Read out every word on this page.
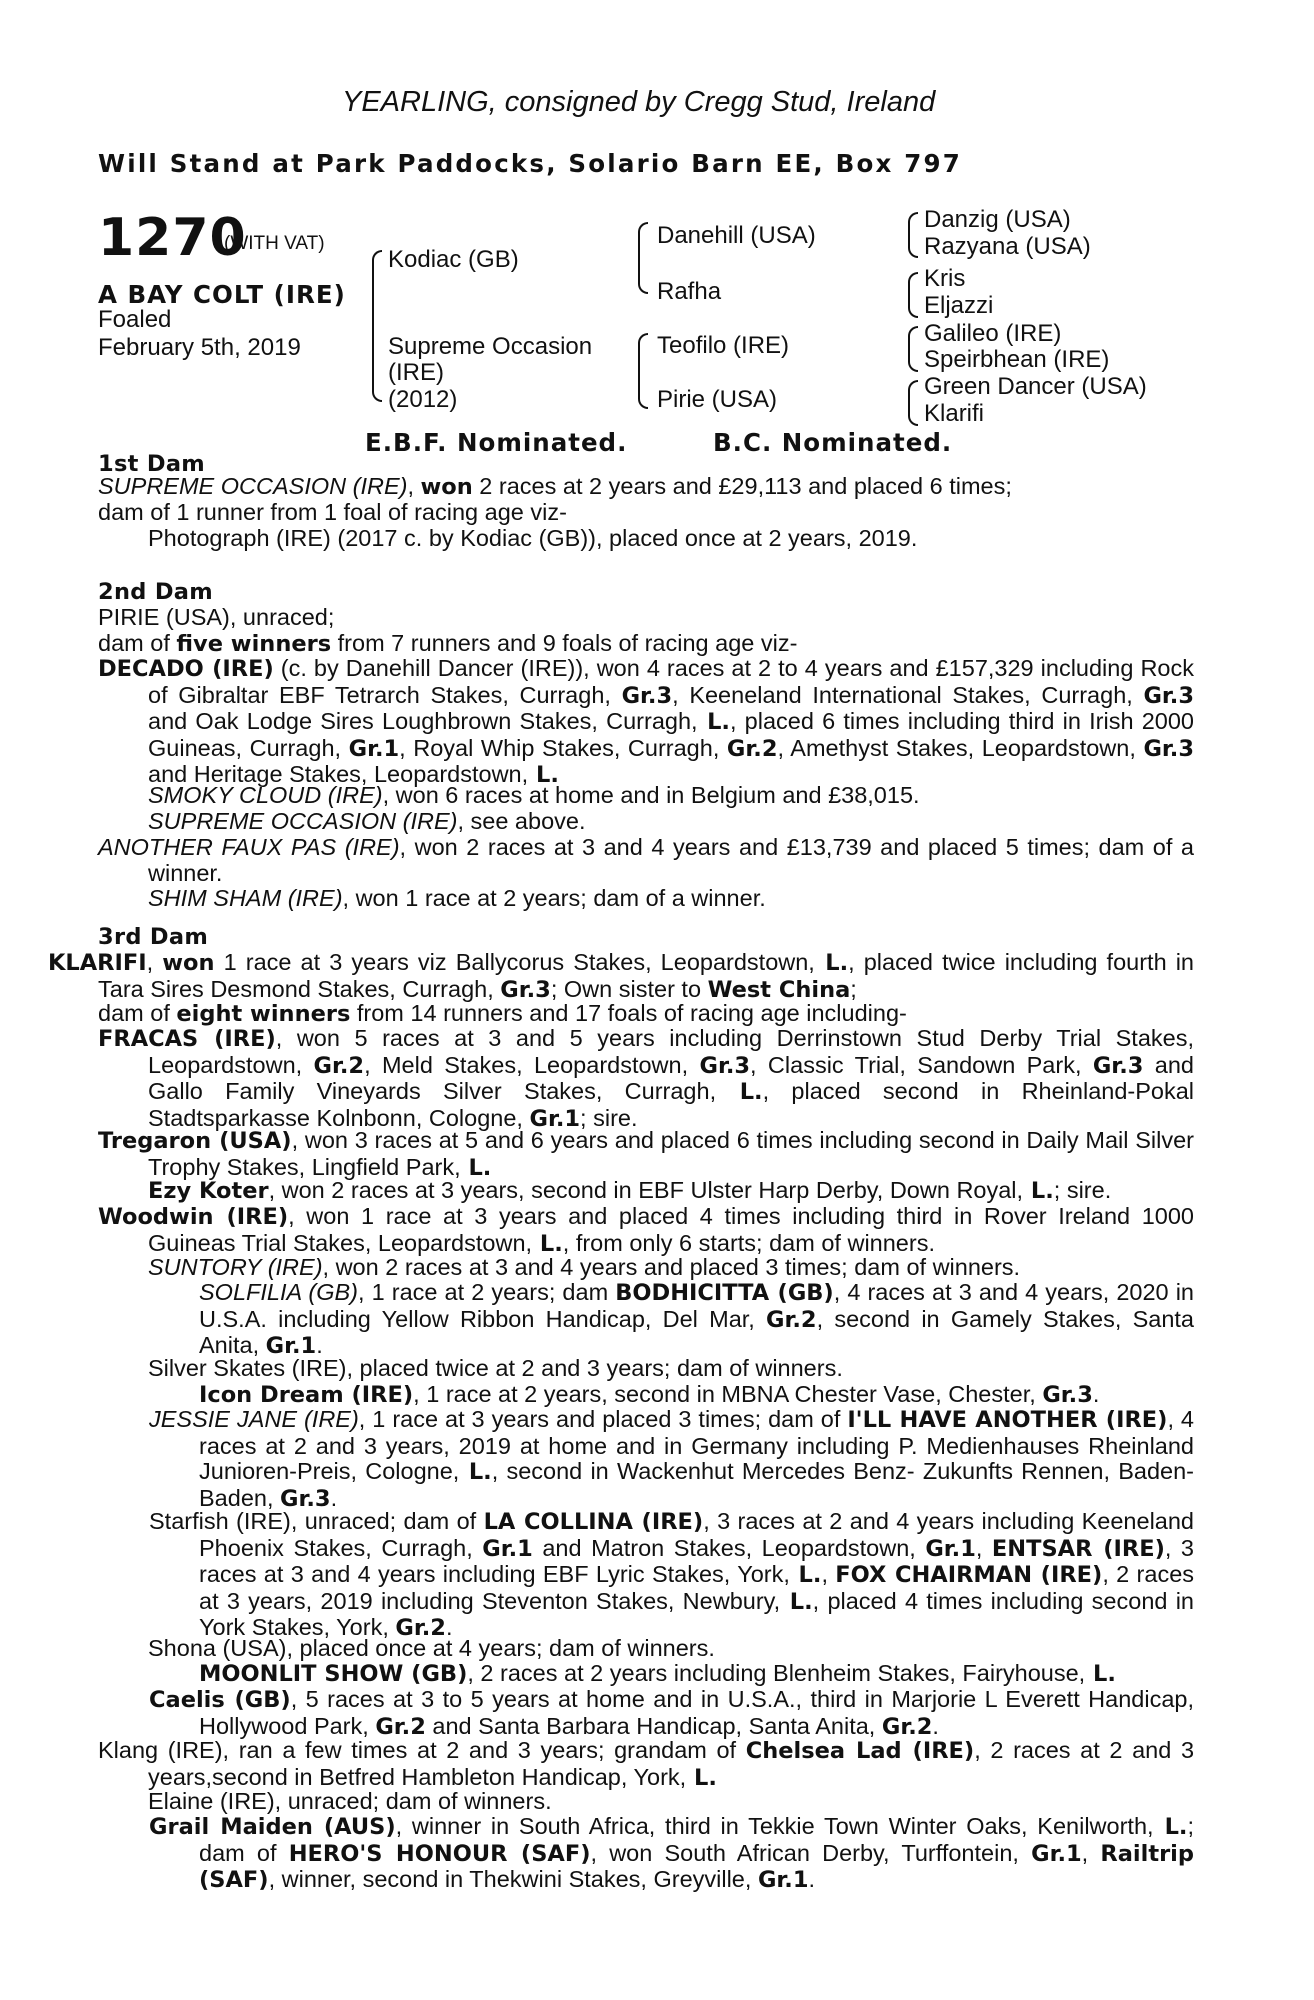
YEARLING, consigned by Cregg Stud, Ireland
Will Stand at Park Paddocks, Solario Barn EE, Box 797
1270
(WITH VAT)
A BAY COLT (IRE)
Foaled
February 5th, 2019
Kodiac (GB)
Supreme Occasion
(IRE)
(2012)
Danehill (USA)
Rafha
Teofilo (IRE)
Pirie (USA)
Danzig (USA)
Razyana (USA)
Kris
Eljazzi
Galileo (IRE)
Speirbhean (IRE)
Green Dancer (USA)
Klarifi
E.B.F. Nominated.	B.C. Nominated.
1st Dam
2nd Dam
3rd Dam

SUPREME OCCASION (IRE), won 2 races at 2 years and £29,113 and placed 6 times;

dam of 1 runner from 1 foal of racing age viz-

Photograph (IRE) (2017 c. by Kodiac (GB)), placed once at 2 years, 2019.

PIRIE (USA), unraced;

dam of five winners from 7 runners and 9 foals of racing age viz-

DECADO (IRE) (c. by Danehill Dancer (IRE)), won 4 races at 2 to 4 years and £157,329 including Rock of Gibraltar EBF Tetrarch Stakes, Curragh, Gr.3, Keeneland International Stakes, Curragh, Gr.3 and Oak Lodge Sires Loughbrown Stakes, Curragh, L., placed 6 times including third in Irish 2000 Guineas, Curragh, Gr.1, Royal Whip Stakes, Curragh, Gr.2, Amethyst Stakes, Leopardstown, Gr.3 and Heritage Stakes, Leopardstown, L.

SMOKY CLOUD (IRE), won 6 races at home and in Belgium and £38,015.

SUPREME OCCASION (IRE), see above.

ANOTHER FAUX PAS (IRE), won 2 races at 3 and 4 years and £13,739 and placed 5 times; dam of a winner.

SHIM SHAM (IRE), won 1 race at 2 years; dam of a winner.

KLARIFI, won 1 race at 3 years viz Ballycorus Stakes, Leopardstown, L., placed twice including fourth in Tara Sires Desmond Stakes, Curragh, Gr.3; Own sister to West China;

dam of eight winners from 14 runners and 17 foals of racing age including-

FRACAS (IRE), won 5 races at 3 and 5 years including Derrinstown Stud Derby Trial Stakes, Leopardstown, Gr.2, Meld Stakes, Leopardstown, Gr.3, Classic Trial, Sandown Park, Gr.3 and Gallo Family Vineyards Silver Stakes, Curragh, L., placed second in Rheinland-Pokal Stadtsparkasse Kolnbonn, Cologne, Gr.1; sire.

Tregaron (USA), won 3 races at 5 and 6 years and placed 6 times including second in Daily Mail Silver Trophy Stakes, Lingfield Park, L.

Ezy Koter, won 2 races at 3 years, second in EBF Ulster Harp Derby, Down Royal, L.; sire.

Woodwin (IRE), won 1 race at 3 years and placed 4 times including third in Rover Ireland 1000 Guineas Trial Stakes, Leopardstown, L., from only 6 starts; dam of winners.

SUNTORY (IRE), won 2 races at 3 and 4 years and placed 3 times; dam of winners.

SOLFILIA (GB), 1 race at 2 years; dam BODHICITTA (GB), 4 races at 3 and 4 years, 2020 in U.S.A. including Yellow Ribbon Handicap, Del Mar, Gr.2, second in Gamely Stakes, Santa Anita, Gr.1.

Silver Skates (IRE), placed twice at 2 and 3 years; dam of winners.

Icon Dream (IRE), 1 race at 2 years, second in MBNA Chester Vase, Chester, Gr.3.

JESSIE JANE (IRE), 1 race at 3 years and placed 3 times; dam of I'LL HAVE ANOTHER (IRE), 4 races at 2 and 3 years, 2019 at home and in Germany including P. Medienhauses Rheinland Junioren-Preis, Cologne, L., second in Wackenhut Mercedes Benz- Zukunfts Rennen, Baden-Baden, Gr.3.

Starfish (IRE), unraced; dam of LA COLLINA (IRE), 3 races at 2 and 4 years including Keeneland Phoenix Stakes, Curragh, Gr.1 and Matron Stakes, Leopardstown, Gr.1, ENTSAR (IRE), 3 races at 3 and 4 years including EBF Lyric Stakes, York, L., FOX CHAIRMAN (IRE), 2 races at 3 years, 2019 including Steventon Stakes, Newbury, L., placed 4 times including second in York Stakes, York, Gr.2.

Shona (USA), placed once at 4 years; dam of winners.

MOONLIT SHOW (GB), 2 races at 2 years including Blenheim Stakes, Fairyhouse, L.

Caelis (GB), 5 races at 3 to 5 years at home and in U.S.A., third in Marjorie L Everett Handicap, Hollywood Park, Gr.2 and Santa Barbara Handicap, Santa Anita, Gr.2.

Klang (IRE), ran a few times at 2 and 3 years; grandam of Chelsea Lad (IRE), 2 races at 2 and 3 years,second in Betfred Hambleton Handicap, York, L.

Elaine (IRE), unraced; dam of winners.

Grail Maiden (AUS), winner in South Africa, third in Tekkie Town Winter Oaks, Kenilworth, L.; dam of HERO'S HONOUR (SAF), won South African Derby, Turffontein, Gr.1, Railtrip (SAF), winner, second in Thekwini Stakes, Greyville, Gr.1.
